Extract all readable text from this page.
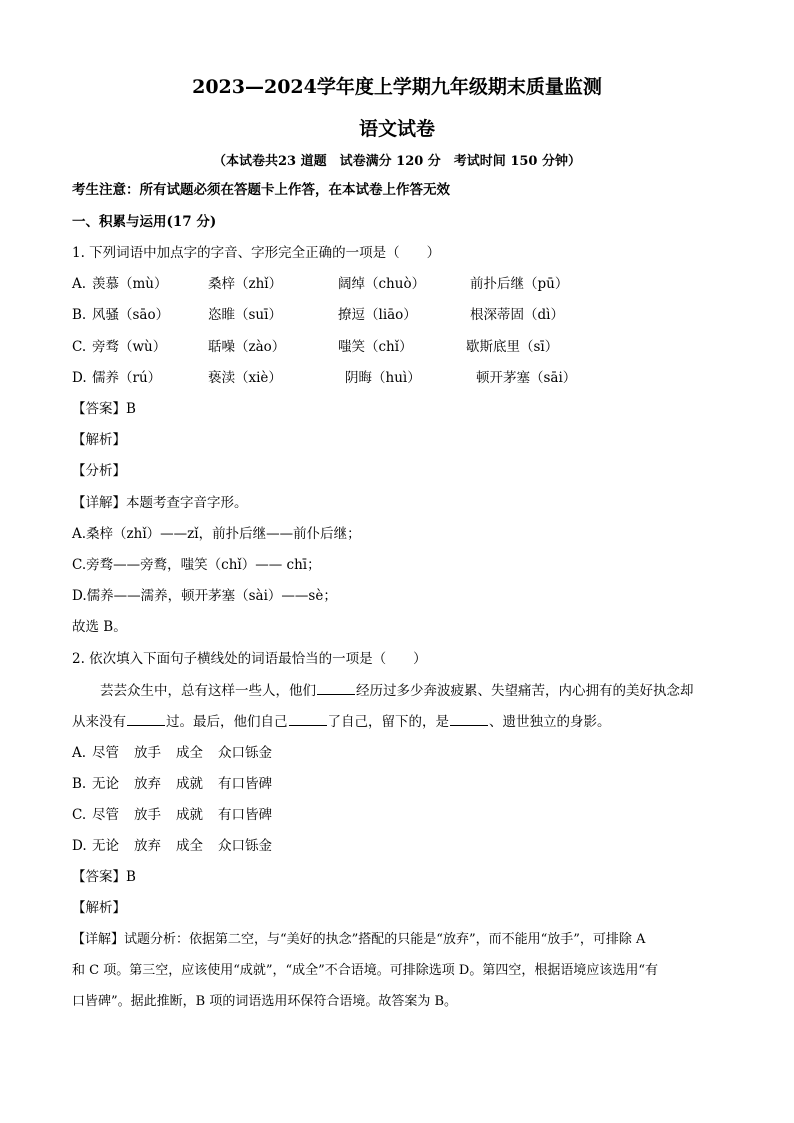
2023—2024学年度上学期九年级期末质量监测
语文试卷
（本试卷共23 道题　试卷满分 120 分　考试时间 150 分钟）
考生注意：所有试题必须在答题卡上作答，在本试卷上作答无效
一、积累与运用(17 分)
1. 下列词语中加点字的字音、字形完全正确的一项是（　　）
A. 羡慕（mù）	桑梓（zhǐ）	阔绰（chuò）	前扑后继（pū）
B. 风骚（sāo）	恣睢（suī）	撩逗（liāo）	根深蒂固（dì）
C. 旁骛（wù）	聒噪（zào）	嗤笑（chǐ）	歇斯底里（sī）
D. 儒养（rú）	亵渎（xiè）	阴晦（huì）	顿开茅塞（sāi）
【答案】B
【解析】
【分析】
【详解】本题考查字音字形。
A.桑梓（zhǐ）——zǐ，前扑后继——前仆后继；
C.旁骛——旁鹜，嗤笑（chǐ）—— chī；
D.儒养——濡养，顿开茅塞（sài）——sè；
故选 B。
2. 依次填入下面句子横线处的词语最恰当的一项是（　　）
芸芸众生中，总有这样一些人，他们	经历过多少奔波疲累、失望痛苦，内心拥有的美好执念却
从来没有	过。最后，他们自己	了自己，留下的，是	、遗世独立的身影。
A. 尽管 放手 成全 众口铄金
B. 无论 放弃 成就 有口皆碑
C. 尽管 放手 成就 有口皆碑
D. 无论 放弃 成全 众口铄金
【答案】B
【解析】
【详解】试题分析：依据第二空，与“美好的执念”搭配的只能是“放弃”，而不能用“放手”，可排除 A
和 C 项。第三空，应该使用“成就”，“成全”不合语境。可排除选项 D。第四空，根据语境应该选用“有
口皆碑”。据此推断，B 项的词语选用环保符合语境。故答案为 B。
